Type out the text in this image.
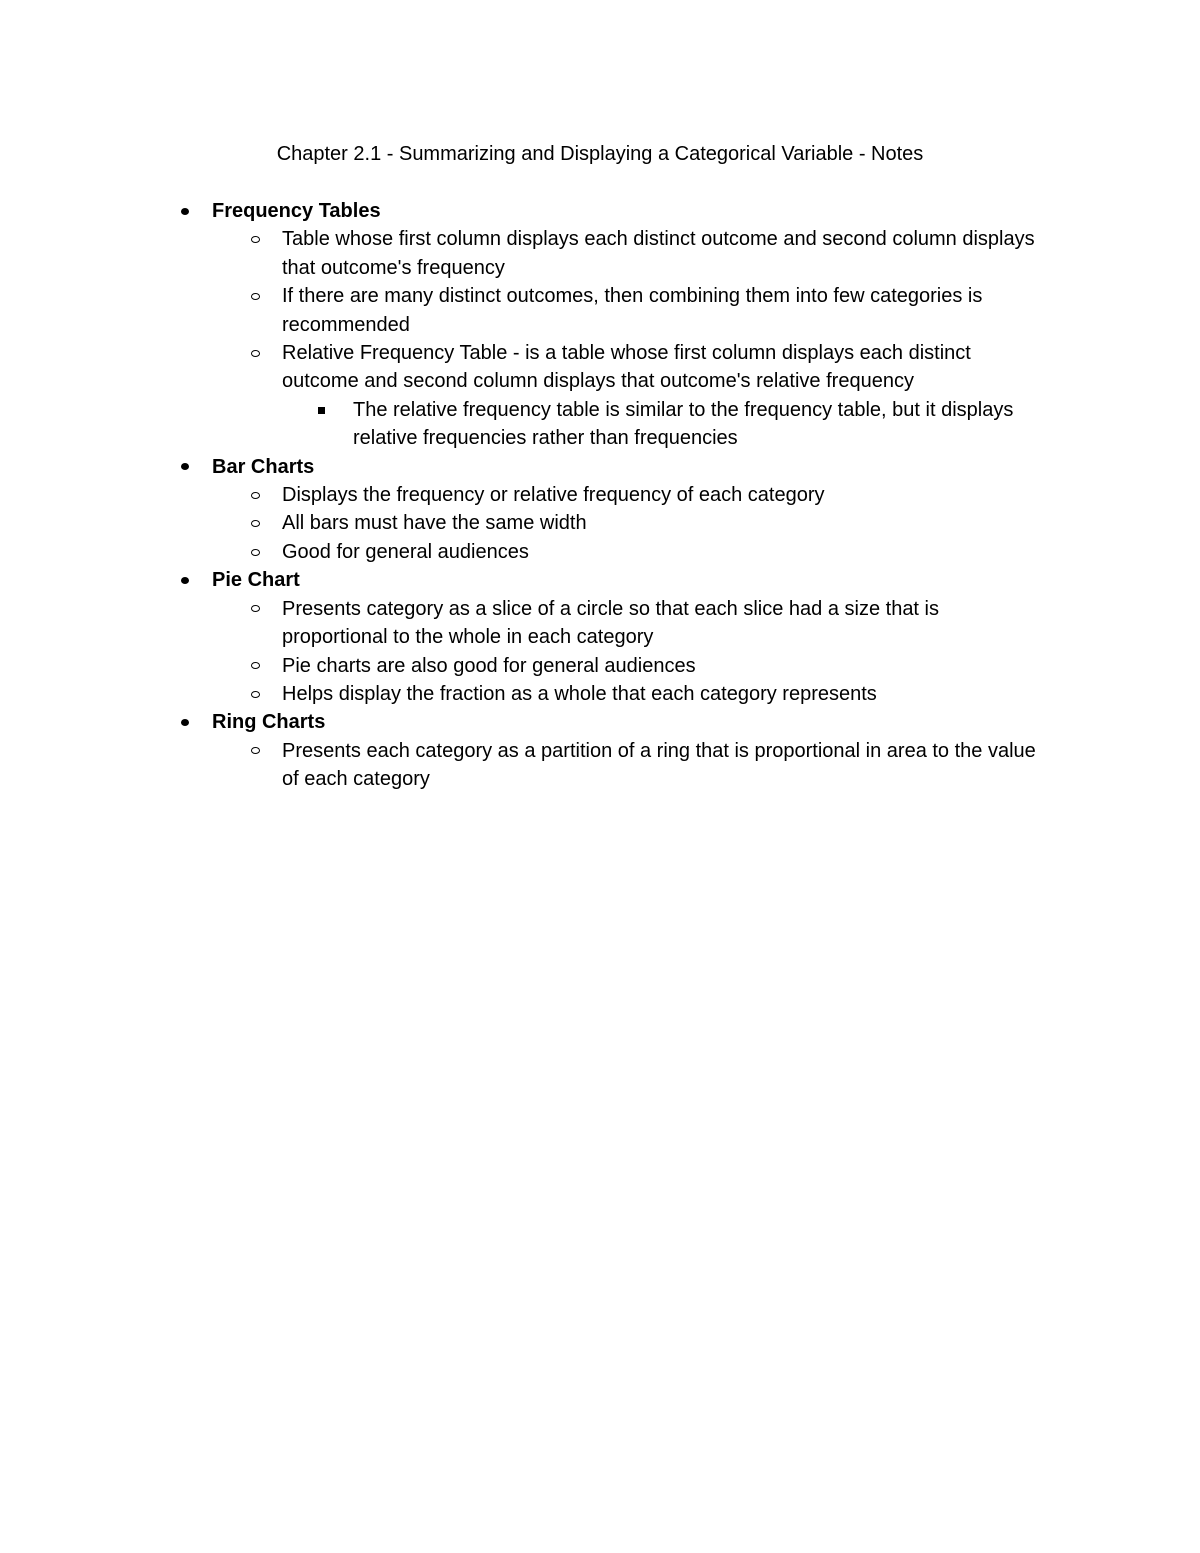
Chapter 2.1 - Summarizing and Displaying a Categorical Variable - Notes
Frequency Tables
Table whose first column displays each distinct outcome and second column displays that outcome's frequency
If there are many distinct outcomes, then combining them into few categories is recommended
Relative Frequency Table - is a table whose first column displays each distinct outcome and second column displays that outcome's relative frequency
The relative frequency table is similar to the frequency table, but it displays relative frequencies rather than frequencies
Bar Charts
Displays the frequency or relative frequency of each category
All bars must have the same width
Good for general audiences
Pie Chart
Presents category as a slice of a circle so that each slice had a size that is proportional to the whole in each category
Pie charts are also good for general audiences
Helps display the fraction as a whole that each category represents
Ring Charts
Presents each category as a partition of a ring that is proportional in area to the value of each category
